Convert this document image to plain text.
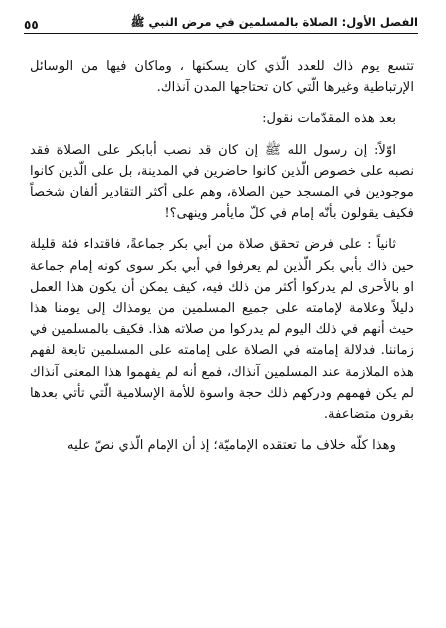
الفصل الأول: الصلاة بالمسلمين في مرض النبي ﷺ
٥٥

تتسع يوم ذاك للعدد الّذي كان يسكنها ، وماكان فيها من الوسائل الإرتباطية وغيرها الّتي كان تحتاجها المدن آنذاك.

بعد هذه المقدّمات نقول:

اوّلاً: إن رسول الله ﷺ إن كان قد نصب أبابكر على الصلاة فقد نصبه على خصوص الّذين كانوا حاضرين في المدينة، بل على الّذين كانوا موجودين في المسجد حين الصلاة، وهم على أكثر التقادير ألفان شخصاً فكيف يقولون بأنّه إمام في كلّ مايأمر وينهى؟!

ثانياً : على فرض تحقق صلاة من أبي بكر جماعةً، فاقتداء فئة قليلة حين ذاك بأبي بكر الّذين لم يعرفوا في أبي بكر سوى كونه إمام جماعة او بالأحرى لم يدركوا أكثر من ذلك فيه، كيف يمكن أن يكون هذا العمل دليلاً وعلامة لإمامته على جميع المسلمين من يومذاك إلى يومنا هذا حيث أنهم في ذلك اليوم لم يدركوا من صلاته هذا. فكيف بالمسلمين في زماننا. فدلالة إمامته في الصلاة على إمامته على المسلمين تابعة لفهم هذه الملازمة عند المسلمين آنذاك، فمع أنه لم يفهموا هذا المعنى آنذاك لم يكن فهمهم ودركهم ذلك حجة واسوة للأمة الإسلامية الّتي تأتي بعدها بقرون متضاعفة.

وهذا كلّه خلاف ما تعتقده الإماميّة؛ إذ أن الإمام الّذي نصّ عليه
